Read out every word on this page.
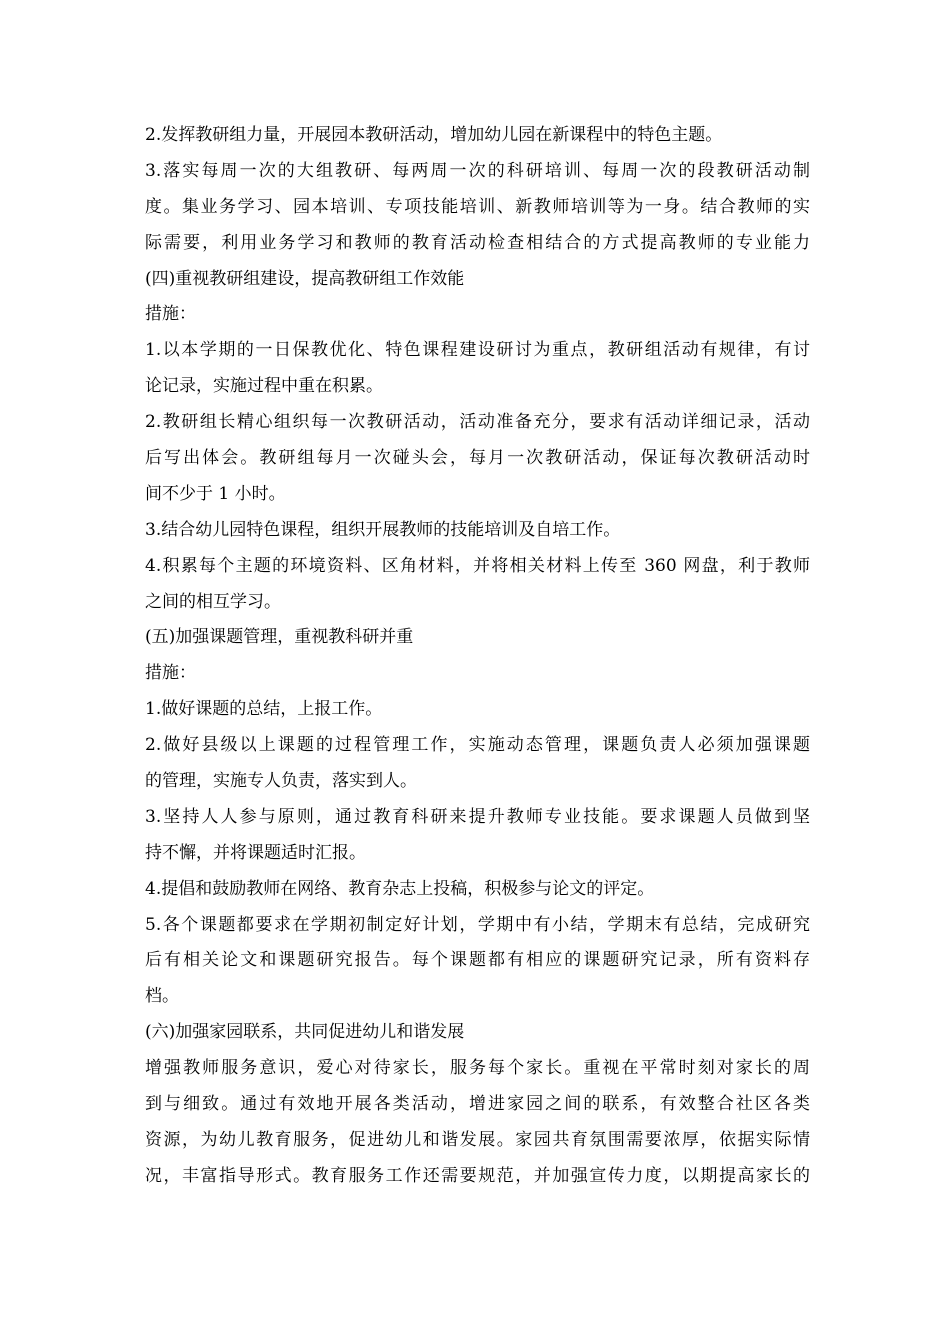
2.发挥教研组力量，开展园本教研活动，增加幼儿园在新课程中的特色主题。
3.落实每周一次的大组教研、每两周一次的科研培训、每周一次的段教研活动制
度。集业务学习、园本培训、专项技能培训、新教师培训等为一身。结合教师的实
际需要，利用业务学习和教师的教育活动检查相结合的方式提高教师的专业能力
(四)重视教研组建设，提高教研组工作效能
措施：
1.以本学期的一日保教优化、特色课程建设研讨为重点，教研组活动有规律，有讨
论记录，实施过程中重在积累。
2.教研组长精心组织每一次教研活动，活动准备充分，要求有活动详细记录，活动
后写出体会。教研组每月一次碰头会，每月一次教研活动，保证每次教研活动时
间不少于 1 小时。
3.结合幼儿园特色课程，组织开展教师的技能培训及自培工作。
4.积累每个主题的环境资料、区角材料，并将相关材料上传至 360 网盘，利于教师
之间的相互学习。
(五)加强课题管理，重视教科研并重
措施：
1.做好课题的总结，上报工作。
2.做好县级以上课题的过程管理工作，实施动态管理，课题负责人必须加强课题
的管理，实施专人负责，落实到人。
3.坚持人人参与原则，通过教育科研来提升教师专业技能。要求课题人员做到坚
持不懈，并将课题适时汇报。
4.提倡和鼓励教师在网络、教育杂志上投稿，积极参与论文的评定。
5.各个课题都要求在学期初制定好计划，学期中有小结，学期末有总结，完成研究
后有相关论文和课题研究报告。每个课题都有相应的课题研究记录，所有资料存
档。
(六)加强家园联系，共同促进幼儿和谐发展
增强教师服务意识，爱心对待家长，服务每个家长。重视在平常时刻对家长的周
到与细致。通过有效地开展各类活动，增进家园之间的联系，有效整合社区各类
资源，为幼儿教育服务，促进幼儿和谐发展。家园共育氛围需要浓厚，依据实际情
况，丰富指导形式。教育服务工作还需要规范，并加强宣传力度，以期提高家长的
